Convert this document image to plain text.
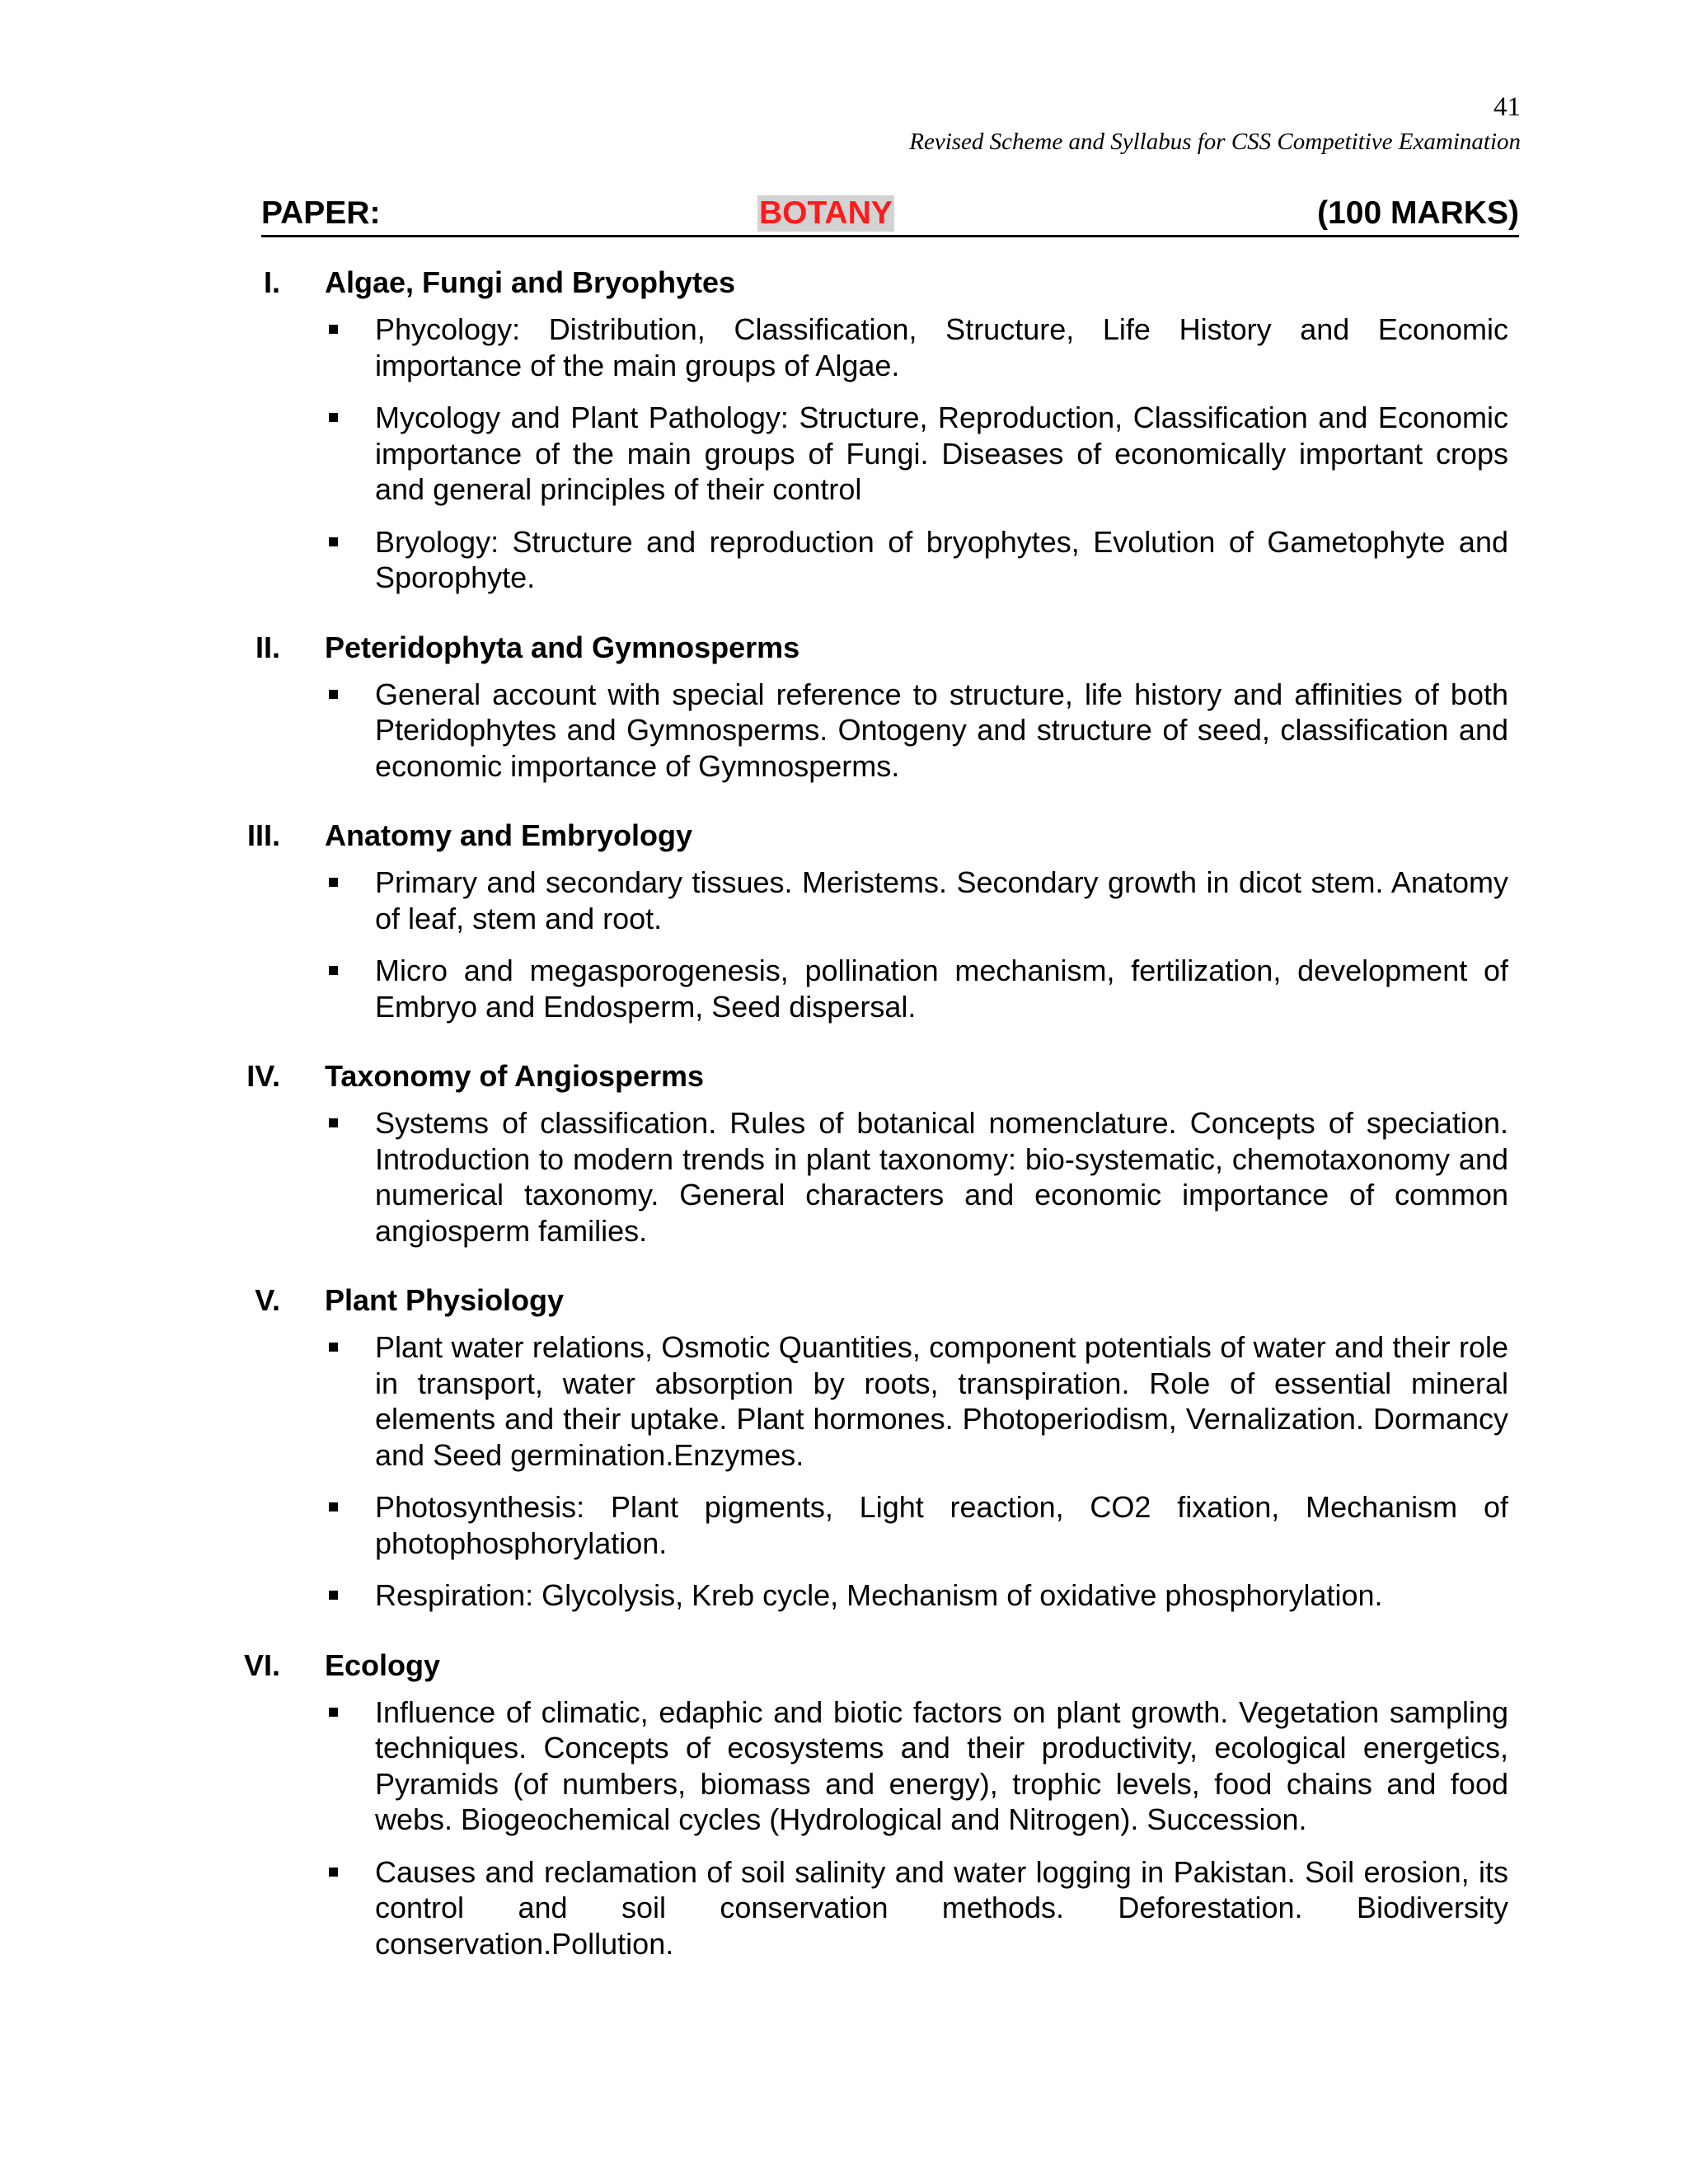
41
Revised Scheme and Syllabus for CSS Competitive Examination
PAPER:	BOTANY	(100 MARKS)
I. Algae, Fungi and Bryophytes
Phycology: Distribution, Classification, Structure, Life History and Economic importance of the main groups of Algae.
Mycology and Plant Pathology: Structure, Reproduction, Classification and Economic importance of the main groups of Fungi. Diseases of economically important crops and general principles of their control
Bryology: Structure and reproduction of bryophytes, Evolution of Gametophyte and Sporophyte.
II. Peteridophyta and Gymnosperms
General account with special reference to structure, life history and affinities of both Pteridophytes and Gymnosperms. Ontogeny and structure of seed, classification and economic importance of Gymnosperms.
III. Anatomy and Embryology
Primary and secondary tissues. Meristems. Secondary growth in dicot stem. Anatomy of leaf, stem and root.
Micro and megasporogenesis, pollination mechanism, fertilization, development of Embryo and Endosperm, Seed dispersal.
IV. Taxonomy of Angiosperms
Systems of classification. Rules of botanical nomenclature. Concepts of speciation. Introduction to modern trends in plant taxonomy: bio-systematic, chemotaxonomy and numerical taxonomy. General characters and economic importance of common angiosperm families.
V. Plant Physiology
Plant water relations, Osmotic Quantities, component potentials of water and their role in transport, water absorption by roots, transpiration. Role of essential mineral elements and their uptake. Plant hormones. Photoperiodism, Vernalization. Dormancy and Seed germination.Enzymes.
Photosynthesis: Plant pigments, Light reaction, CO2 fixation, Mechanism of photophosphorylation.
Respiration: Glycolysis, Kreb cycle, Mechanism of oxidative phosphorylation.
VI. Ecology
Influence of climatic, edaphic and biotic factors on plant growth. Vegetation sampling techniques. Concepts of ecosystems and their productivity, ecological energetics, Pyramids (of numbers, biomass and energy), trophic levels, food chains and food webs. Biogeochemical cycles (Hydrological and Nitrogen). Succession.
Causes and reclamation of soil salinity and water logging in Pakistan. Soil erosion, its control and soil conservation methods. Deforestation. Biodiversity conservation.Pollution.
